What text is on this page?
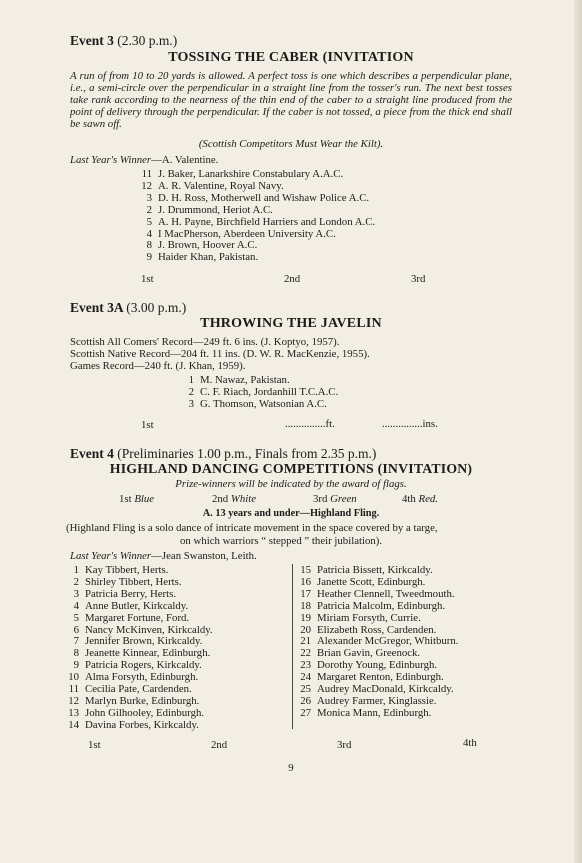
Event 3 (2.30 p.m.)
TOSSING THE CABER (INVITATION
A run of from 10 to 20 yards is allowed. A perfect toss is one which describes a perpendicular plane, i.e., a semi-circle over the perpendicular in a straight line from the tosser's run. The next best tosses take rank according to the nearness of the thin end of the caber to a straight line produced from the point of delivery through the perpendicular. If the caber is not tossed, a piece from the thick end shall be sawn off.
(Scottish Competitors Must Wear the Kilt).
Last Year's Winner—A. Valentine.
11 J. Baker, Lanarkshire Constabulary A.A.C.
12 A. R. Valentine, Royal Navy.
3 D. H. Ross, Motherwell and Wishaw Police A.C.
2 J. Drummond, Heriot A.C.
5 A. H. Payne, Birchfield Harriers and London A.C.
4 I MacPherson, Aberdeen University A.C.
8 J. Brown, Hoover A.C.
9 Haider Khan, Pakistan.
1st	2nd	3rd
Event 3A (3.00 p.m.)
THROWING THE JAVELIN
Scottish All Comers' Record—249 ft. 6 ins. (J. Koptyo, 1957).
Scottish Native Record—204 ft. 11 ins. (D. W. R. MacKenzie, 1955).
Games Record—240 ft. (J. Khan, 1959).
1 M. Nawaz, Pakistan.
2 C. F. Riach, Jordanhill T.C.A.C.
3 G. Thomson, Watsonian A.C.
1st	...............ft.	...............ins.
Event 4 (Preliminaries 1.00 p.m., Finals from 2.35 p.m.)
HIGHLAND DANCING COMPETITIONS (INVITATION)
Prize-winners will be indicated by the award of flags.
1st Blue	2nd White	3rd Green	4th Red.
A. 13 years and under—Highland Fling.
(Highland Fling is a solo dance of intricate movement in the space covered by a targe,
on which warriors “ stepped ” their jubilation).
Last Year's Winner—Jean Swanston, Leith.
1 Kay Tibbert, Herts.
2 Shirley Tibbert, Herts.
3 Patricia Berry, Herts.
4 Anne Butler, Kirkcaldy.
5 Margaret Fortune, Ford.
6 Nancy McKinven, Kirkcaldy.
7 Jennifer Brown, Kirkcaldy.
8 Jeanette Kinnear, Edinburgh.
9 Patricia Rogers, Kirkcaldy.
10 Alma Forsyth, Edinburgh.
11 Cecilia Pate, Cardenden.
12 Marlyn Burke, Edinburgh.
13 John Gilhooley, Edinburgh.
14 Davina Forbes, Kirkcaldy.
15 Patricia Bissett, Kirkcaldy.
16 Janette Scott, Edinburgh.
17 Heather Clennell, Tweedmouth.
18 Patricia Malcolm, Edinburgh.
19 Miriam Forsyth, Currie.
20 Elizabeth Ross, Cardenden.
21 Alexander McGregor, Whitburn.
22 Brian Gavin, Greenock.
23 Dorothy Young, Edinburgh.
24 Margaret Renton, Edinburgh.
25 Audrey MacDonald, Kirkcaldy.
26 Audrey Farmer, Kinglassie.
27 Monica Mann, Edinburgh.
1st	2nd	3rd	4th
9
